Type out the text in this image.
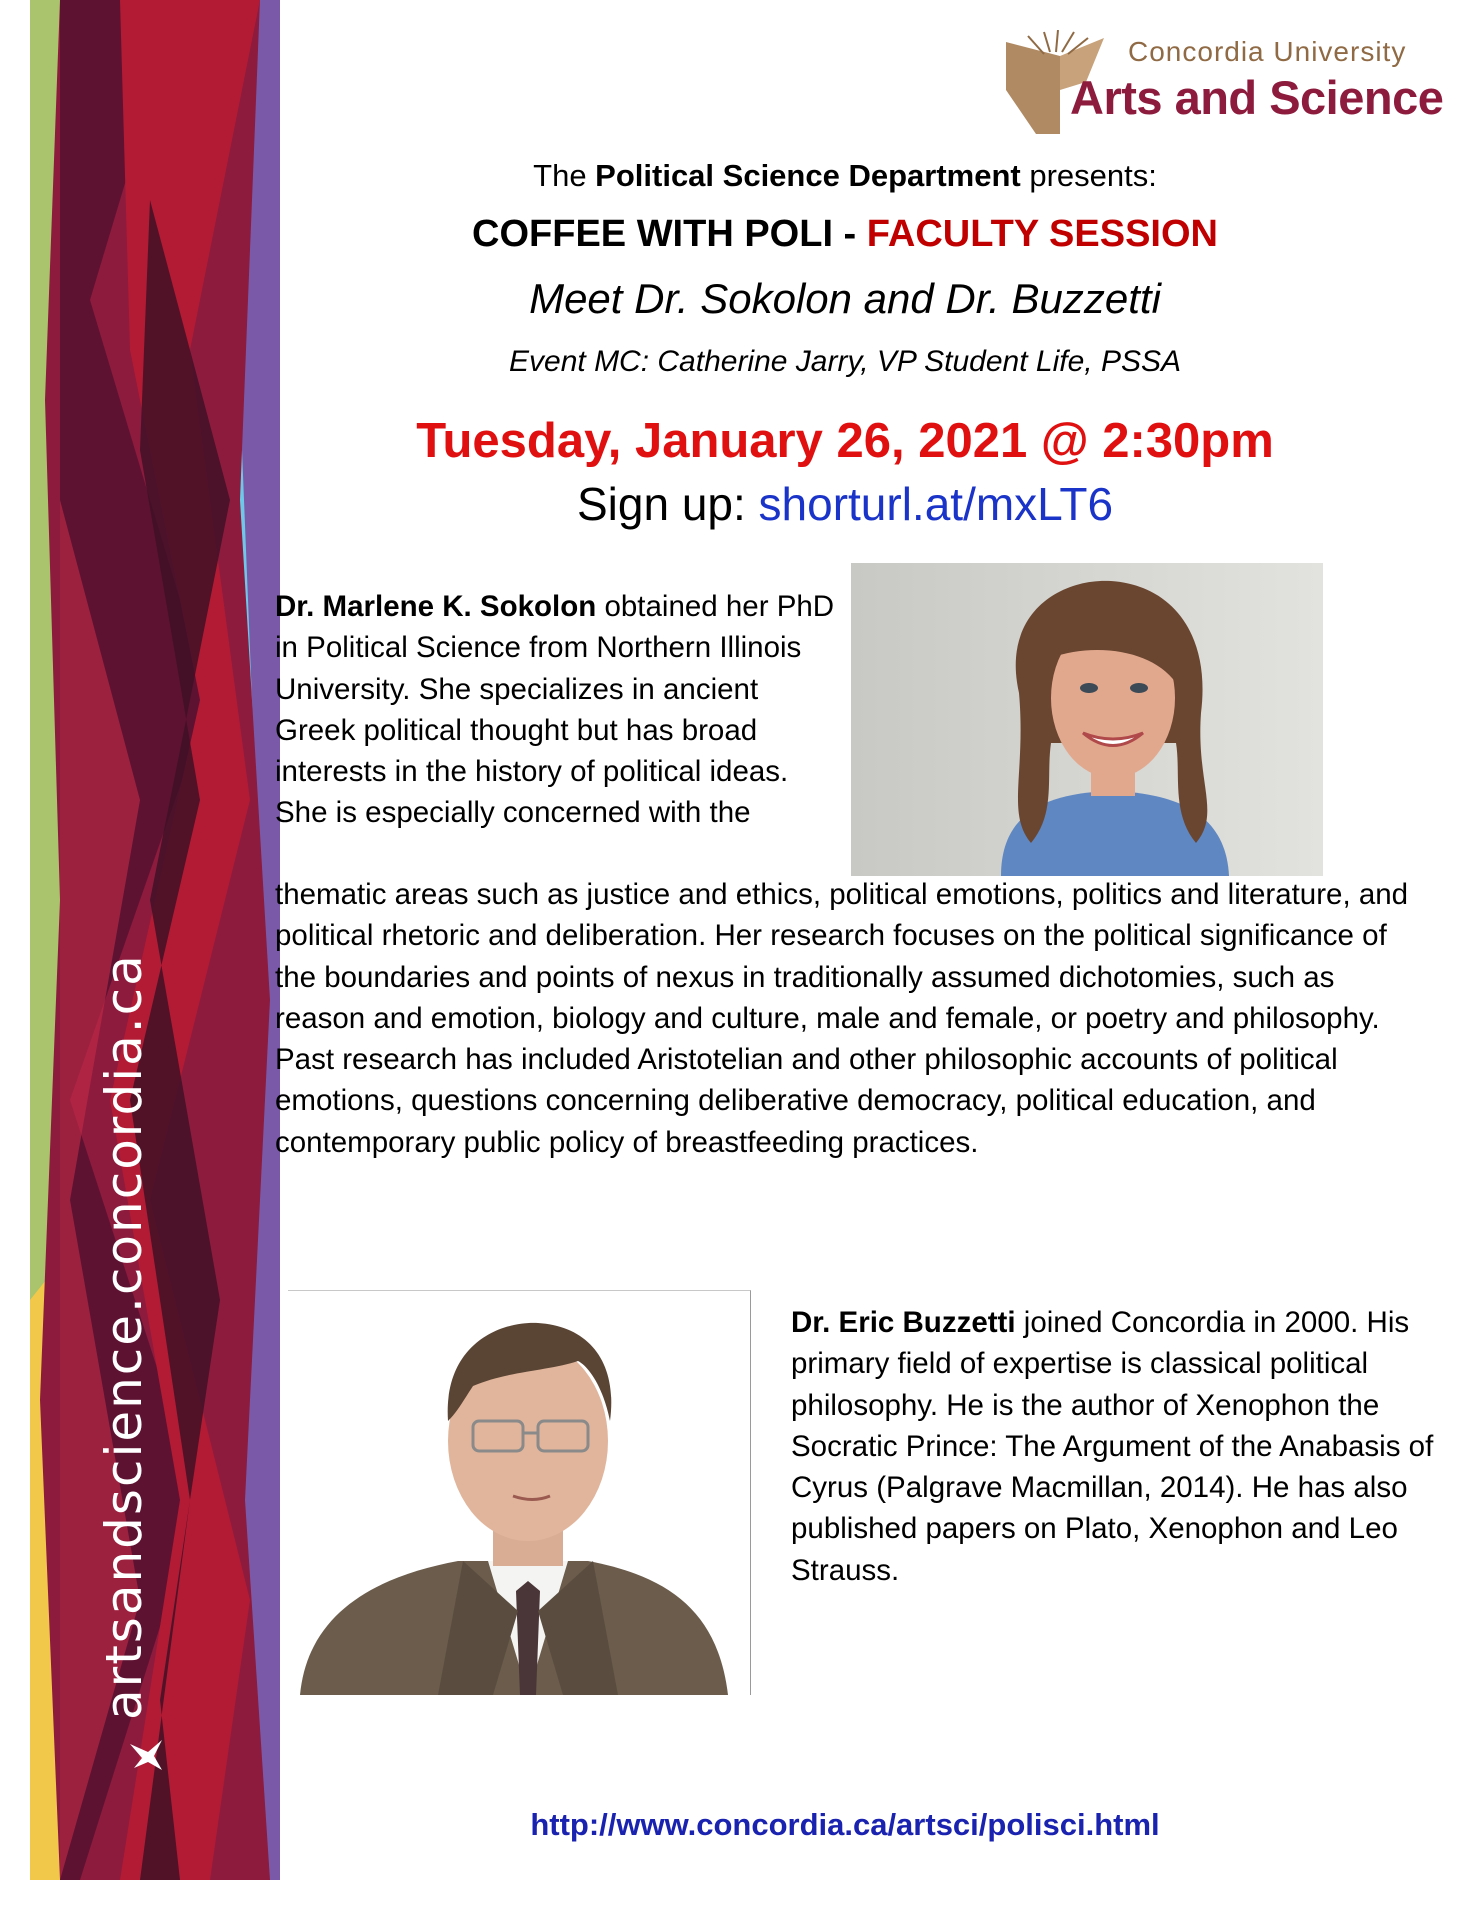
artsandscience.concordia.ca
Concordia University
Arts and Science
The Political Science Department presents:
COFFEE WITH POLI - FACULTY SESSION
Meet Dr. Sokolon and Dr. Buzzetti
Event MC: Catherine Jarry, VP Student Life, PSSA
Tuesday, January 26, 2021 @ 2:30pm
Sign up: shorturl.at/mxLT6
Dr. Marlene K. Sokolon obtained her PhD in Political Science from Northern Illinois University. She specializes in ancient Greek political thought but has broad interests in the history of political ideas. She is especially concerned with the
thematic areas such as justice and ethics, political emotions, politics and literature, and political rhetoric and deliberation. Her research focuses on the political significance of the boundaries and points of nexus in traditionally assumed dichotomies, such as reason and emotion, biology and culture, male and female, or poetry and philosophy. Past research has included Aristotelian and other philosophic accounts of political emotions, questions concerning deliberative democracy, political education, and contemporary public policy of breastfeeding practices.
Dr. Eric Buzzetti joined Concordia in 2000. His primary field of expertise is classical political philosophy. He is the author of Xenophon the Socratic Prince: The Argument of the Anabasis of Cyrus (Palgrave Macmillan, 2014). He has also published papers on Plato, Xenophon and Leo Strauss.
http://www.concordia.ca/artsci/polisci.html
